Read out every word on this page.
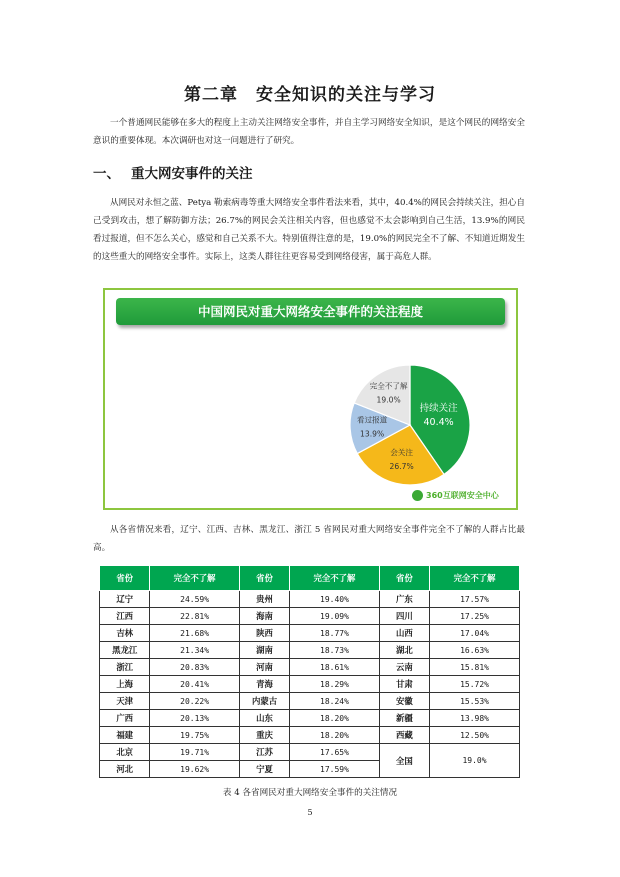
第二章　安全知识的关注与学习

一个普通网民能够在多大的程度上主动关注网络安全事件，并自主学习网络安全知识，是这个网民的网络安全意识的重要体现。本次调研也对这一问题进行了研究。

一、 重大网安事件的关注

从网民对永恒之蓝、Petya 勒索病毒等重大网络安全事件看法来看，其中，40.4%的网民会持续关注，担心自己受到攻击，想了解防御方法；26.7%的网民会关注相关内容，但也感觉不太会影响到自己生活，13.9%的网民看过报道，但不怎么关心，感觉和自己关系不大。特别值得注意的是，19.0%的网民完全不了解、不知道近期发生的这些重大的网络安全事件。实际上，这类人群往往更容易受到网络侵害，属于高危人群。

中国网民对重大网络安全事件的关注程度
持续关注
40.4%
会关注
26.7%
看过报道
13.9%
完全不了解
19.0%
360互联网安全中心

从各省情况来看，辽宁、江西、吉林、黑龙江、浙江 5 省网民对重大网络安全事件完全不了解的人群占比最高。

省份	完全不了解	省份	完全不了解	省份	完全不了解
辽宁	24.59%	贵州	19.40%	广东	17.57%
江西	22.81%	海南	19.09%	四川	17.25%
吉林	21.68%	陕西	18.77%	山西	17.04%
黑龙江	21.34%	湖南	18.73%	湖北	16.63%
浙江	20.83%	河南	18.61%	云南	15.81%
上海	20.41%	青海	18.29%	甘肃	15.72%
天津	20.22%	内蒙古	18.24%	安徽	15.53%
广西	20.13%	山东	18.20%	新疆	13.98%
福建	19.75%	重庆	18.20%	西藏	12.50%
北京	19.71%	江苏	17.65%	全国	19.0%
河北	19.62%	宁夏	17.59%		
表 4 各省网民对重大网络安全事件的关注情况
5
